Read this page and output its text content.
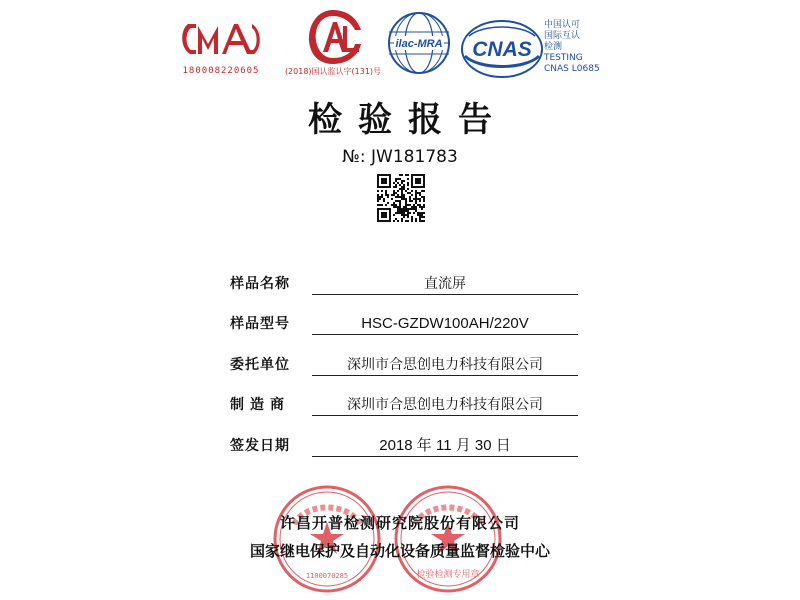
180008220605	(2018)国认监认字(131)号
ilac-MRA CNAS
中国认可
国际互认
检测
TESTING
CNAS L0685
检验报告
№: JW181783
样品名称	直流屏
样品型号	HSC-GZDW100AH/220V
委托单位	深圳市合思创电力科技有限公司
制造商	深圳市合思创电力科技有限公司
签发日期	2018 年 11 月 30 日
1100070285	检验检测专用章
许昌开普检测研究院股份有限公司
国家继电保护及自动化设备质量监督检验中心
